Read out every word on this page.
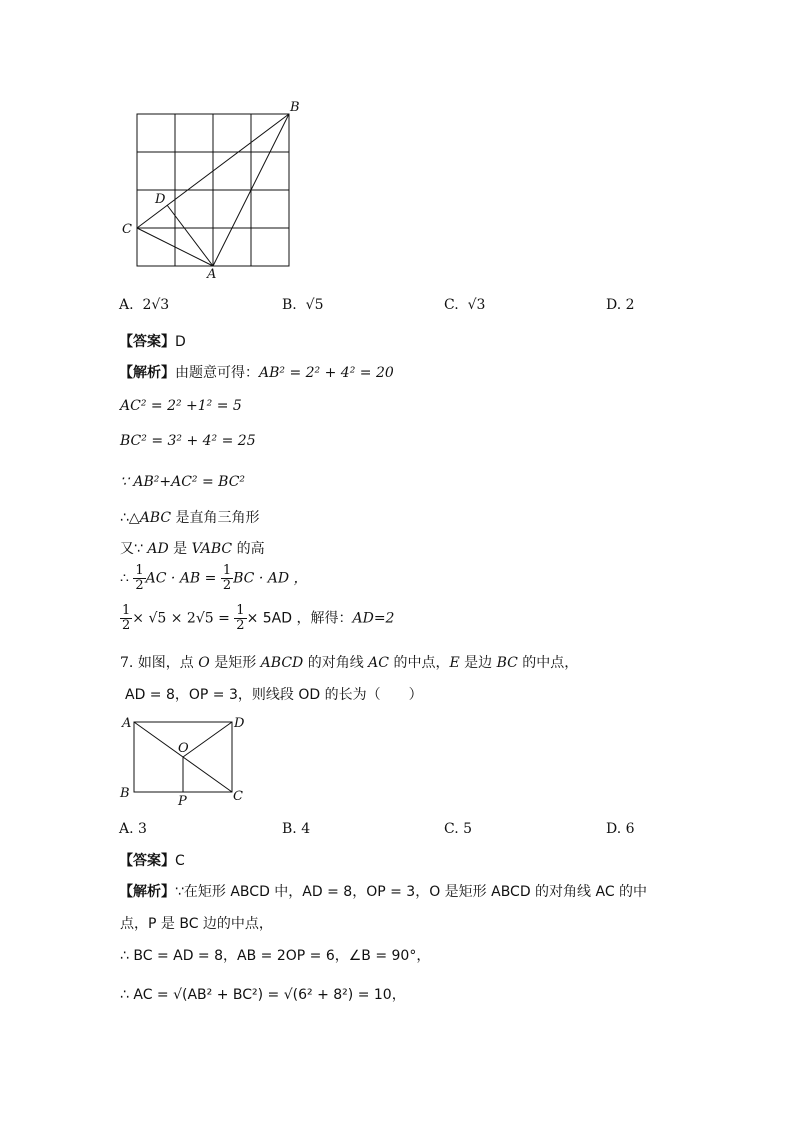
B
D
C
A
A. 2√3	B. √5	C. √3	D. 2
【答案】D
【解析】由题意可得：AB² = 2² + 4² = 20
AC² = 2² +1² = 5
BC² = 3² + 4² = 25
∵ AB²+AC² = BC²
∴△ABC 是直角三角形
又∵ AD 是 VABC 的高
∴ $\frac{1}{2}$ AC · AB = $\frac{1}{2}$ BC · AD ，
$\frac{1}{2} \times √5 \times 2√5 = \frac{1}{2} \times 5AD$ ，解得：AD=2
7. 如图，点 O 是矩形 ABCD 的对角线 AC 的中点，E 是边 BC 的中点，
AD = 8，OP = 3，则线段 OD 的长为（　　）
A	D
O
B
P	C
A. 3	B. 4	C. 5	D. 6
【答案】C
【解析】∵在矩形 ABCD 中，AD = 8，OP = 3，O 是矩形 ABCD 的对角线 AC 的中
点，P 是 BC 边的中点，
∴ BC = AD = 8，AB = 2OP = 6，∠B = 90°，
∴ AC = √(AB² + BC²) = √(6² + 8²) = 10，
